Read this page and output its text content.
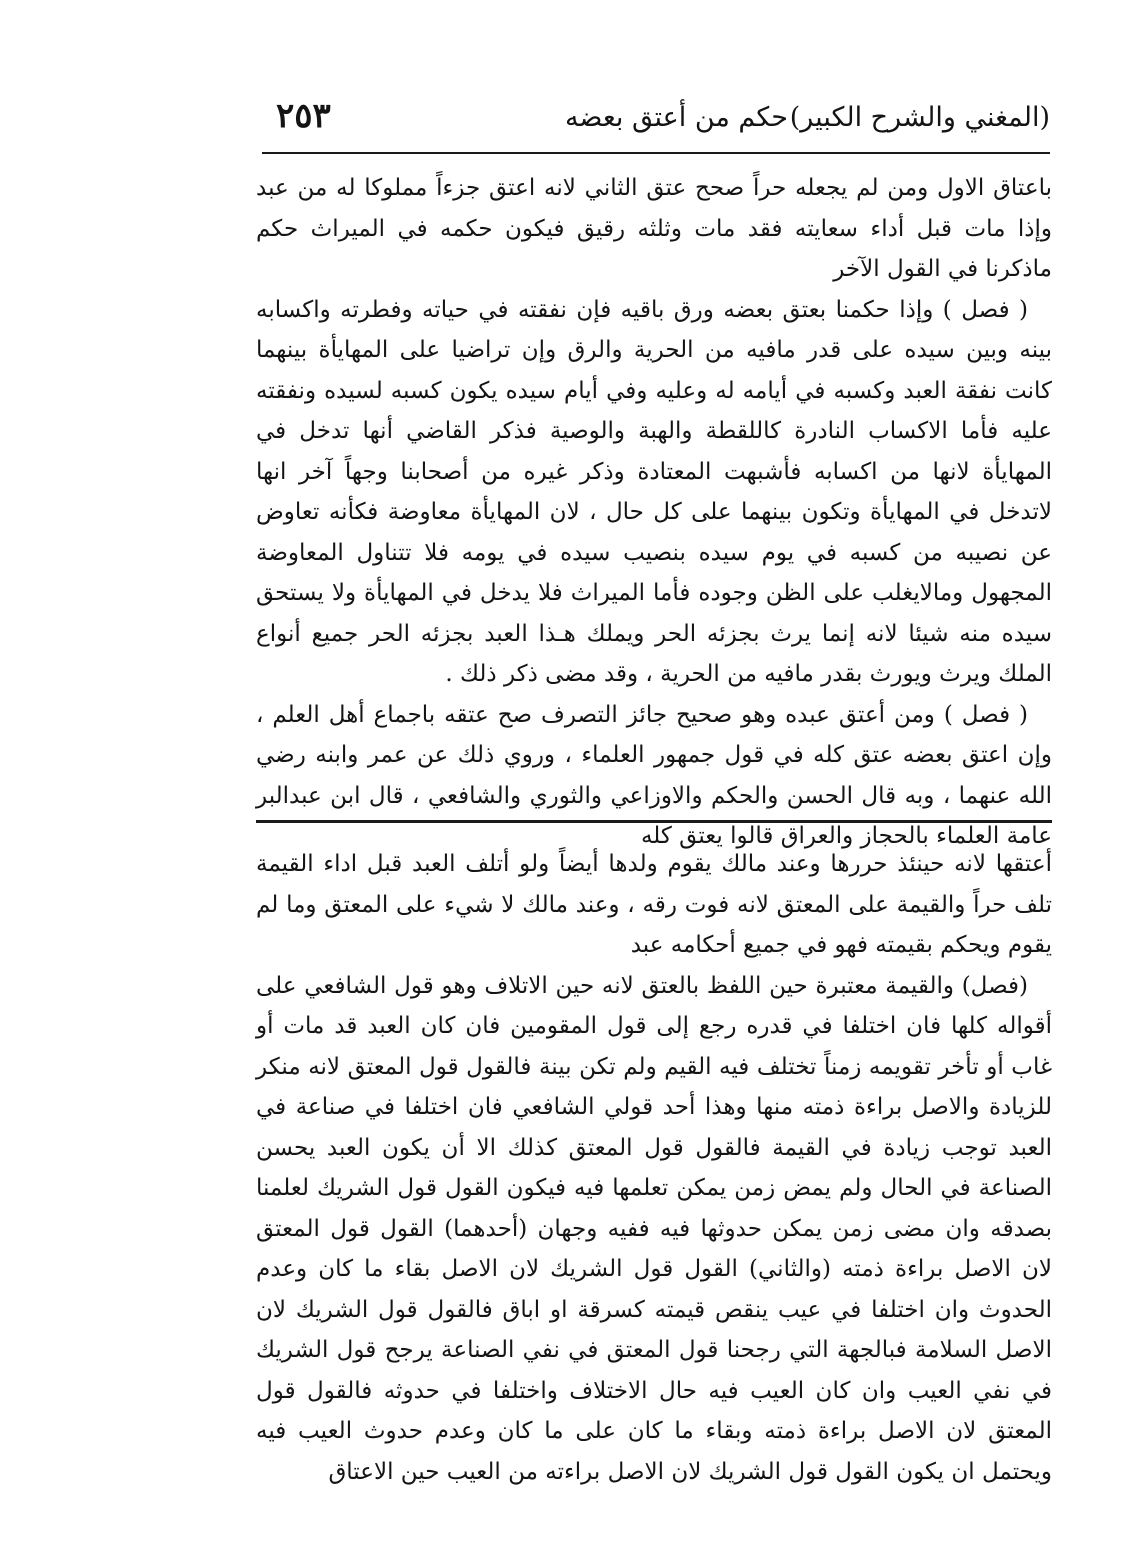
(المغني والشرح الكبير)
حكم من أعتق بعضه
٢٥٣

باعتاق الاول ومن لم يجعله حراً صحح عتق الثاني لانه اعتق جزءاً مملوكا له من عبد وإذا مات قبل أداء سعايته فقد مات وثلثه رقيق فيكون حكمه في الميراث حكم ماذكرنا في القول الآخر

( فصل ) وإذا حكمنا بعتق بعضه ورق باقيه فإن نفقته في حياته وفطرته واكسابه بينه وبين سيده على قدر مافيه من الحرية والرق وإن تراضيا على المهايأة بينهما كانت نفقة العبد وكسبه في أيامه له وعليه وفي أيام سيده يكون كسبه لسيده ونفقته عليه فأما الاكساب النادرة كاللقطة والهبة والوصية فذكر القاضي أنها تدخل في المهايأة لانها من اكسابه فأشبهت المعتادة وذكر غيره من أصحابنا وجهاً آخر انها لاتدخل في المهايأة وتكون بينهما على كل حال ، لان المهايأة معاوضة فكأنه تعاوض عن نصيبه من كسبه في يوم سيده بنصيب سيده في يومه فلا تتناول المعاوضة المجهول ومالايغلب على الظن وجوده فأما الميراث فلا يدخل في المهايأة ولا يستحق سيده منه شيئا لانه إنما يرث بجزئه الحر ويملك هـذا العبد بجزئه الحر جميع أنواع الملك ويرث ويورث بقدر مافيه من الحرية ، وقد مضى ذكر ذلك .

( فصل ) ومن أعتق عبده وهو صحيح جائز التصرف صح عتقه باجماع أهل العلم ، وإن اعتق بعضه عتق كله في قول جمهور العلماء ، وروي ذلك عن عمر وابنه رضي الله عنهما ، وبه قال الحسن والحكم والاوزاعي والثوري والشافعي ، قال ابن عبدالبر عامة العلماء بالحجاز والعراق قالوا يعتق كله

أعتقها لانه حينئذ حررها وعند مالك يقوم ولدها أيضاً ولو أتلف العبد قبل اداء القيمة تلف حراً والقيمة على المعتق لانه فوت رقه ، وعند مالك لا شيء على المعتق وما لم يقوم ويحكم بقيمته فهو في جميع أحكامه عبد

(فصل) والقيمة معتبرة حين اللفظ بالعتق لانه حين الاتلاف وهو قول الشافعي على أقواله كلها فان اختلفا في قدره رجع إلى قول المقومين فان كان العبد قد مات أو غاب أو تأخر تقويمه زمناً تختلف فيه القيم ولم تكن بينة فالقول قول المعتق لانه منكر للزيادة والاصل براءة ذمته منها وهذا أحد قولي الشافعي فان اختلفا في صناعة في العبد توجب زيادة في القيمة فالقول قول المعتق كذلك الا أن يكون العبد يحسن الصناعة في الحال ولم يمض زمن يمكن تعلمها فيه فيكون القول قول الشريك لعلمنا بصدقه وان مضى زمن يمكن حدوثها فيه ففيه وجهان (أحدهما) القول قول المعتق لان الاصل براءة ذمته (والثاني) القول قول الشريك لان الاصل بقاء ما كان وعدم الحدوث وان اختلفا في عيب ينقص قيمته كسرقة او اباق فالقول قول الشريك لان الاصل السلامة فبالجهة التي رجحنا قول المعتق في نفي الصناعة يرجح قول الشريك في نفي العيب وان كان العيب فيه حال الاختلاف واختلفا في حدوثه فالقول قول المعتق لان الاصل براءة ذمته وبقاء ما كان على ما كان وعدم حدوث العيب فيه ويحتمل ان يكون القول قول الشريك لان الاصل براءته من العيب حين الاعتاق
